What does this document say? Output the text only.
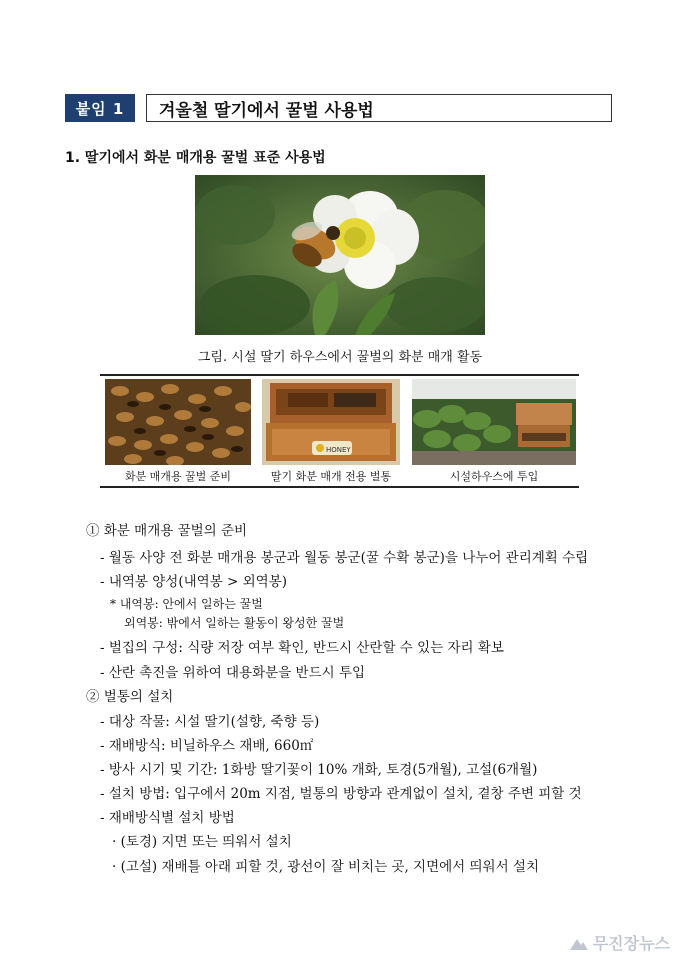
붙임 1	겨울철 딸기에서 꿀벌 사용법
1. 딸기에서 화분 매개용 꿀벌 표준 사용법
그림. 시설 딸기 하우스에서 꿀벌의 화분 매개 활동
HONEY
화분 매개용 꿀벌 준비	딸기 화분 매개 전용 벌통	시설하우스에 투입
① 화분 매개용 꿀벌의 준비
- 월동 사양 전 화분 매개용 봉군과 월동 봉군(꿀 수확 봉군)을 나누어 관리계획 수립
- 내역봉 양성(내역봉 > 외역봉)
* 내역봉: 안에서 일하는 꿀벌
외역봉: 밖에서 일하는 활동이 왕성한 꿀벌
- 벌집의 구성: 식량 저장 여부 확인, 반드시 산란할 수 있는 자리 확보
- 산란 촉진을 위하여 대용화분을 반드시 투입
② 벌통의 설치
- 대상 작물: 시설 딸기(설향, 죽향 등)
- 재배방식: 비닐하우스 재배, 660㎡
- 방사 시기 및 기간: 1화방 딸기꽃이 10% 개화, 토경(5개월), 고설(6개월)
- 설치 방법: 입구에서 20m 지점, 벌통의 방향과 관계없이 설치, 곁창 주변 피할 것
- 재배방식별 설치 방법
· (토경) 지면 또는 띄워서 설치
· (고설) 재배틀 아래 피할 것, 광선이 잘 비치는 곳, 지면에서 띄워서 설치
무진장뉴스
